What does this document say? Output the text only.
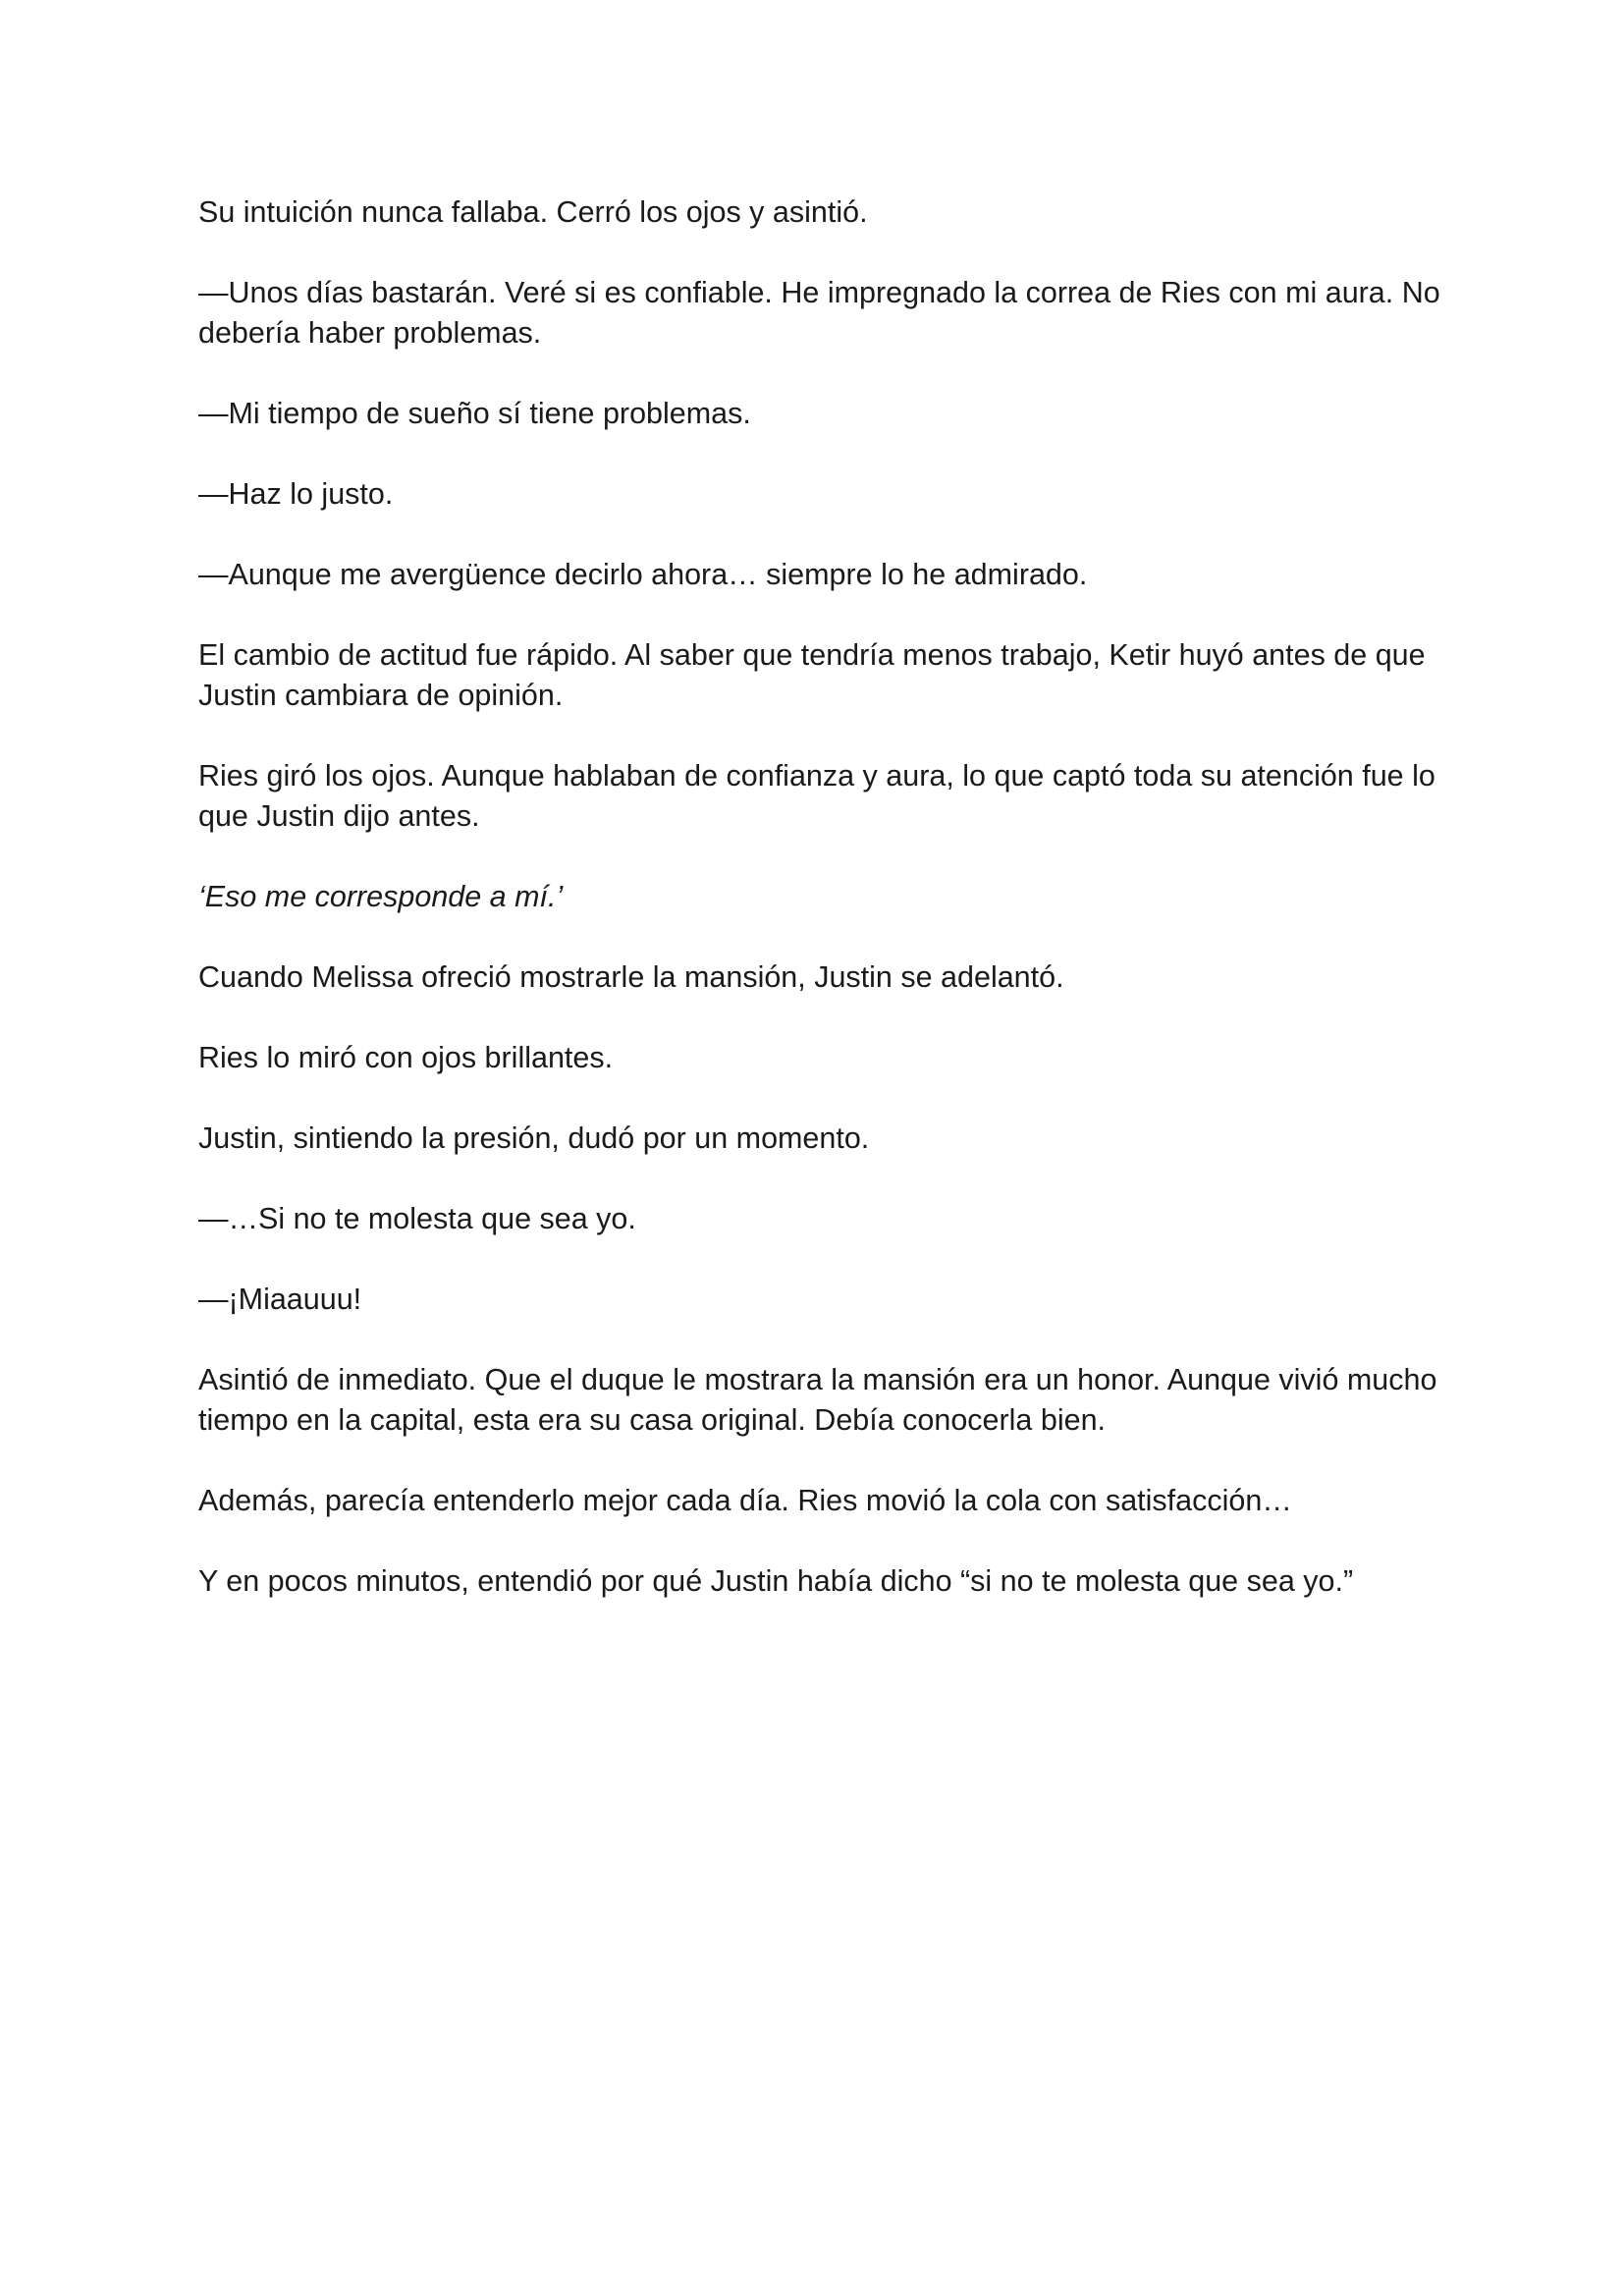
Su intuición nunca fallaba. Cerró los ojos y asintió.

—Unos días bastarán. Veré si es confiable. He impregnado la correa de Ries con mi aura. No debería haber problemas.

—Mi tiempo de sueño sí tiene problemas.

—Haz lo justo.

—Aunque me avergüence decirlo ahora… siempre lo he admirado.

El cambio de actitud fue rápido. Al saber que tendría menos trabajo, Ketir huyó antes de que Justin cambiara de opinión.

Ries giró los ojos. Aunque hablaban de confianza y aura, lo que captó toda su atención fue lo que Justin dijo antes.

‘Eso me corresponde a mí.’

Cuando Melissa ofreció mostrarle la mansión, Justin se adelantó.

Ries lo miró con ojos brillantes.

Justin, sintiendo la presión, dudó por un momento.

—…Si no te molesta que sea yo.

—¡Miaauuu!

Asintió de inmediato. Que el duque le mostrara la mansión era un honor. Aunque vivió mucho tiempo en la capital, esta era su casa original. Debía conocerla bien.

Además, parecía entenderlo mejor cada día. Ries movió la cola con satisfacción…

Y en pocos minutos, entendió por qué Justin había dicho “si no te molesta que sea yo.”
